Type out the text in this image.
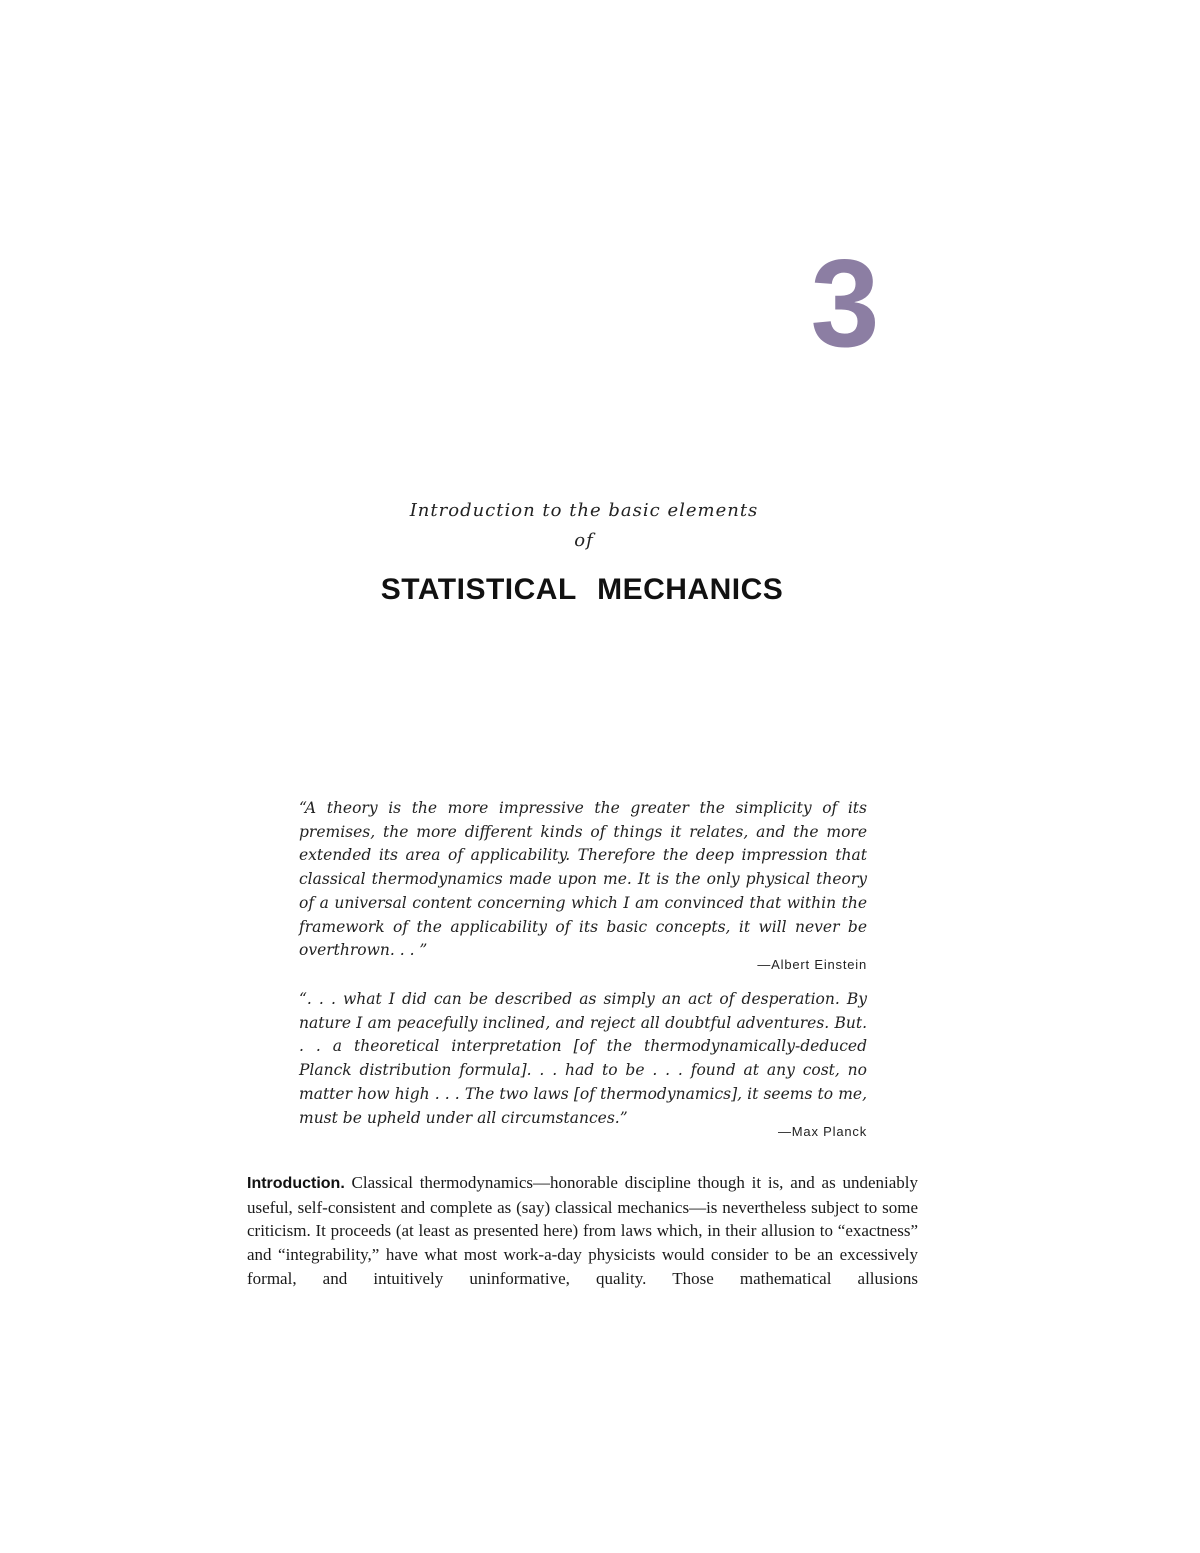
3
Introduction to the basic elements
of
STATISTICAL MECHANICS

“A theory is the more impressive the greater the simplicity of its premises, the more different kinds of things it relates, and the more extended its area of applicability. Therefore the deep impression that classical thermodynamics made upon me. It is the only physical theory of a universal content concerning which I am convinced that within the framework of the applicability of its basic concepts, it will never be overthrown. . . ”

—Albert Einstein

“. . . what I did can be described as simply an act of desperation. By nature I am peacefully inclined, and reject all doubtful adventures. But. . . a theoretical interpretation [of the thermodynamically-deduced Planck distribution formula]. . . had to be . . . found at any cost, no matter how high . . . The two laws [of thermodynamics], it seems to me, must be upheld under all circumstances.”

—Max Planck

Introduction. Classical thermodynamics—honorable discipline though it is, and as undeniably useful, self-consistent and complete as (say) classical mechanics—is nevertheless subject to some criticism. It proceeds (at least as presented here) from laws which, in their allusion to “exactness” and “integrability,” have what most work-a-day physicists would consider to be an excessively formal, and intuitively uninformative, quality. Those mathematical allusions
